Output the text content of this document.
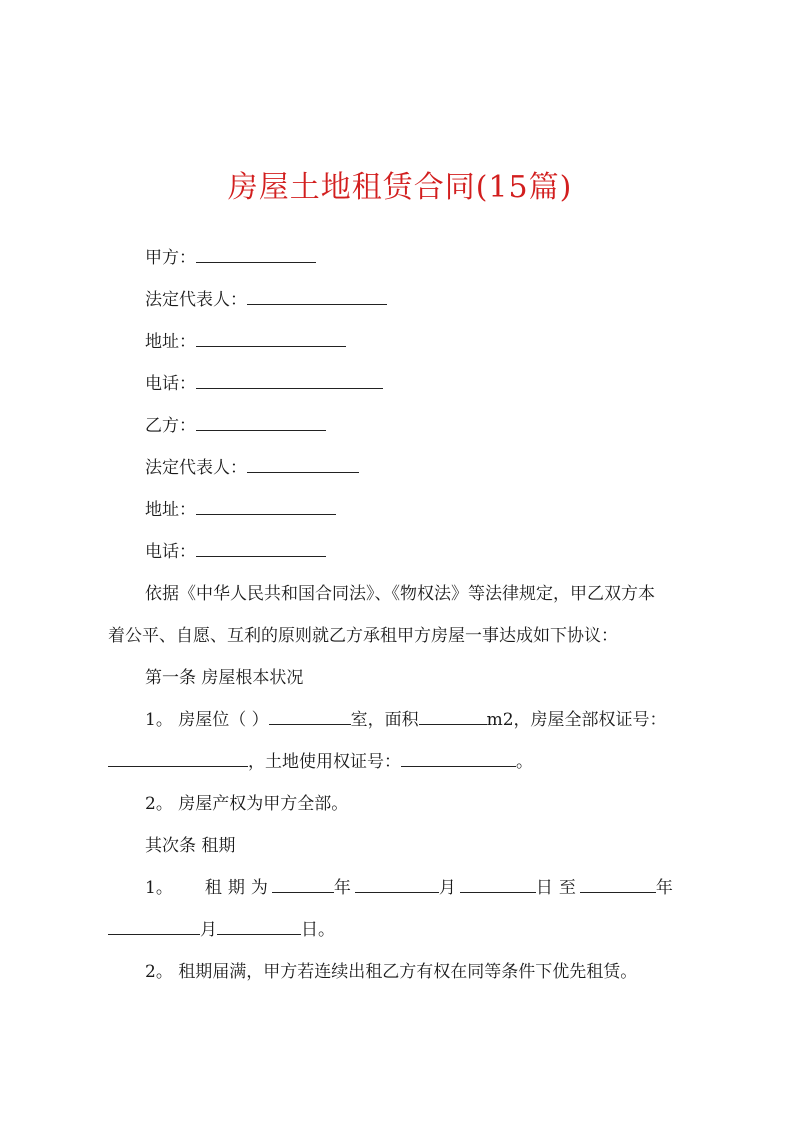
房屋土地租赁合同(15篇)
甲方：
法定代表人：
地址：
电话：
乙方：
法定代表人：
地址：
电话：
依据《中华人民共和国合同法》、《物权法》等法律规定，甲乙双方本
着公平、自愿、互利的原则就乙方承租甲方房屋一事达成如下协议：
第一条 房屋根本状况
1。 房屋位（ ）	室，面积	m2，房屋全部权证号：
，土地使用权证号：	。
2。 房屋产权为甲方全部。
其次条 租期
1。 租 期 为	年	月	日 至	年
月	日。
2。 租期届满，甲方若连续出租乙方有权在同等条件下优先租赁。
